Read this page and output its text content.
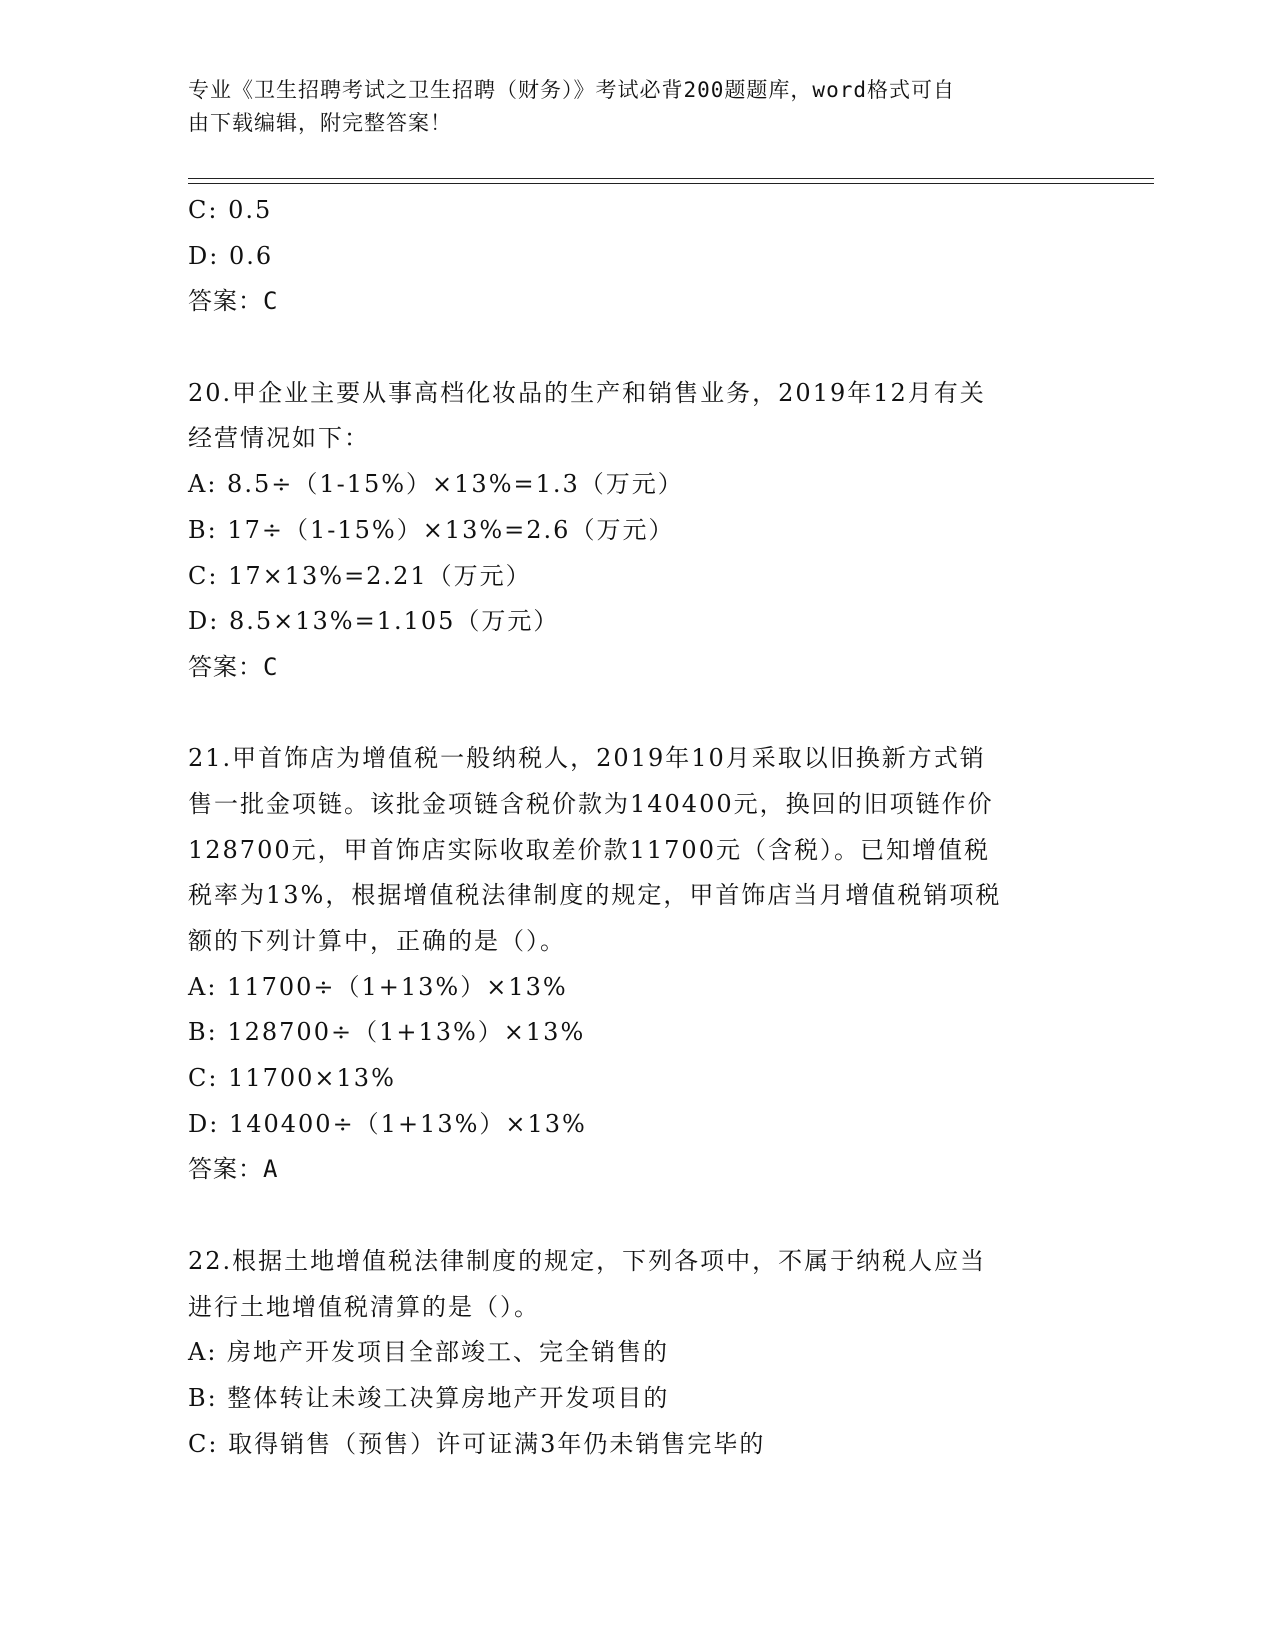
专业《卫生招聘考试之卫生招聘（财务）》考试必背200题题库，word格式可自
由下载编辑，附完整答案！
C: 0.5
D: 0.6
答案：C
20.甲企业主要从事高档化妆品的生产和销售业务，2019年12月有关
经营情况如下：
A: 8.5÷（1-15%）×13%=1.3（万元）
B: 17÷（1-15%）×13%=2.6（万元）
C: 17×13%=2.21（万元）
D: 8.5×13%=1.105（万元）
答案：C
21.甲首饰店为增值税一般纳税人，2019年10月采取以旧换新方式销
售一批金项链。该批金项链含税价款为140400元，换回的旧项链作价
128700元，甲首饰店实际收取差价款11700元（含税）。已知增值税
税率为13%，根据增值税法律制度的规定，甲首饰店当月增值税销项税
额的下列计算中，正确的是（）。
A: 11700÷（1+13%）×13%
B: 128700÷（1+13%）×13%
C: 11700×13%
D: 140400÷（1+13%）×13%
答案：A
22.根据土地增值税法律制度的规定，下列各项中，不属于纳税人应当
进行土地增值税清算的是（）。
A: 房地产开发项目全部竣工、完全销售的
B: 整体转让未竣工决算房地产开发项目的
C: 取得销售（预售）许可证满3年仍未销售完毕的
